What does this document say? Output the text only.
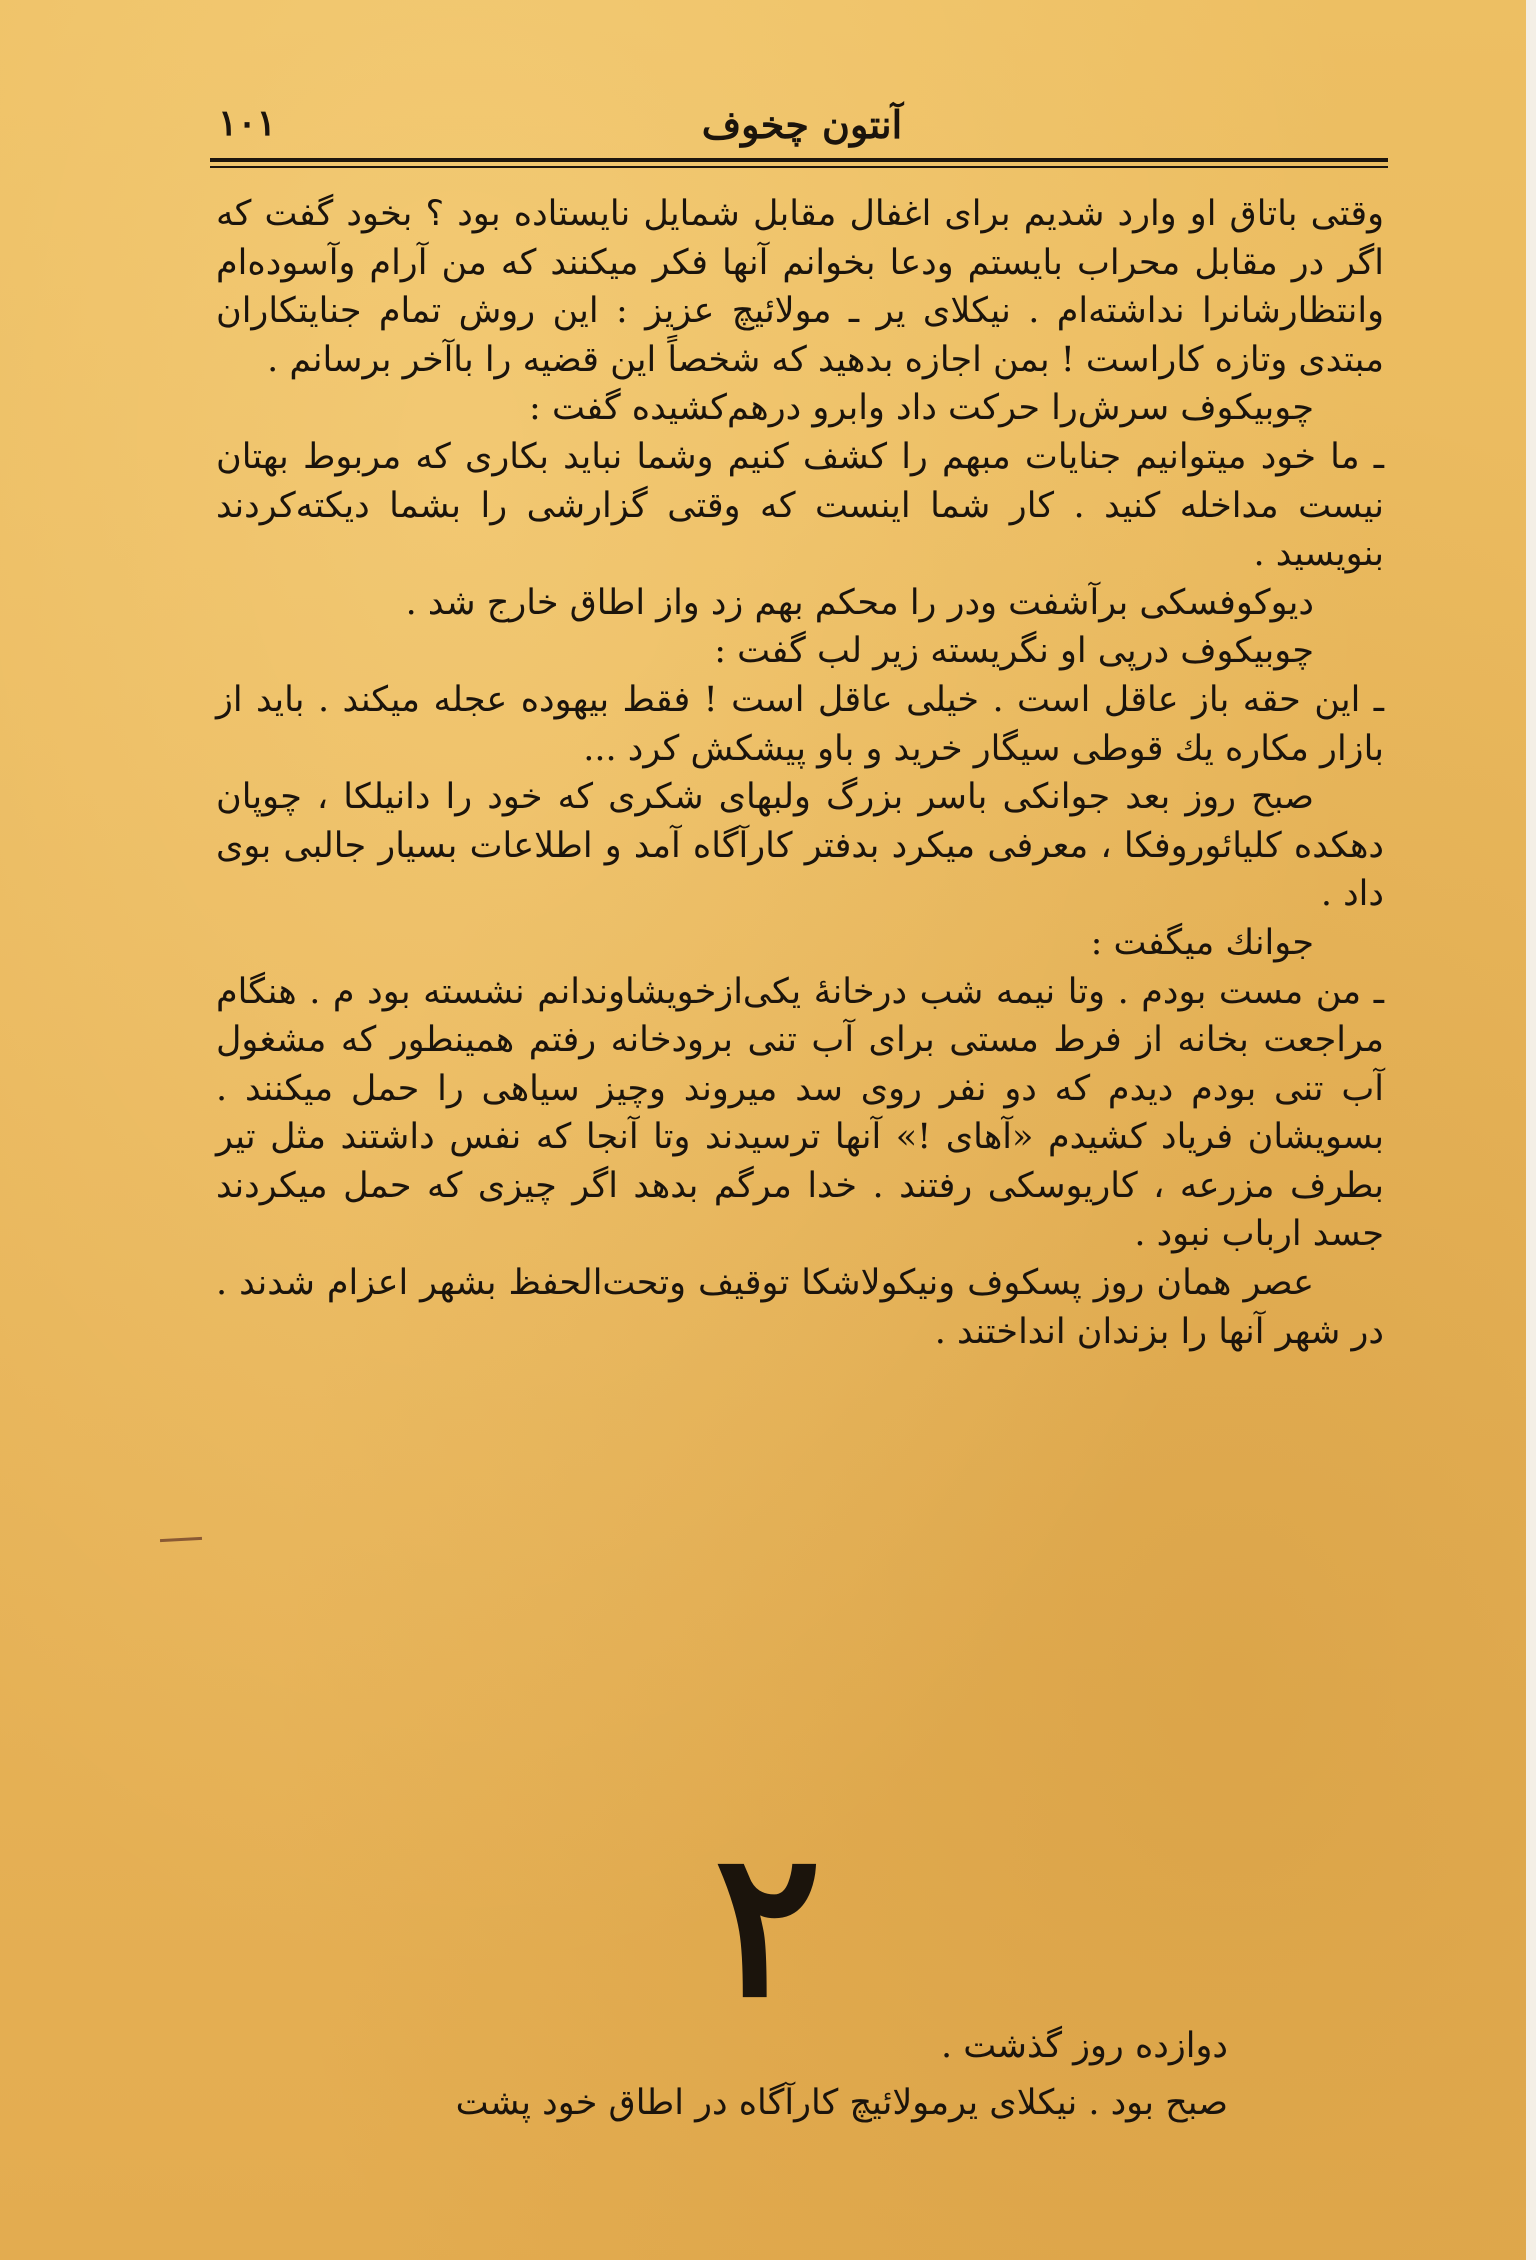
۱۰۱	آنتون چخوف

وقتی باتاق او وارد شدیم برای اغفال مقابل شمایل نایستاده بود ؟ بخود گفت که اگر در مقابل محراب بایستم ودعا بخوانم آنها فکر میکنند که من آرام وآسوده‌ام وانتظارشانرا نداشته‌ام . نیکلای یر ـ مولائیچ عزیز : این روش تمام جنایتکاران مبتدی وتازه کاراست ! بمن اجازه بدهید که شخصاً این قضیه را باآخر برسانم .

چوبیکوف سرش‌را حرکت داد وابرو درهم‌کشیده گفت :

ـ ما خود میتوانیم جنایات مبهم را کشف کنیم وشما نباید بکاری که مربوط بهتان نیست مداخله کنید . کار شما اینست که وقتی گزارشی را بشما دیکته‌کردند بنویسید .

دیوکوفسکی برآشفت ودر را محکم بهم زد واز اطاق خارج شد .

چوبیکوف درپی او نگریسته زیر لب گفت :

ـ این حقه باز عاقل است . خیلی عاقل است ! فقط بیهوده عجله میکند . باید از بازار مکاره یك قوطی سیگار خرید و باو پیشکش کرد ...

صبح روز بعد جوانکی باسر بزرگ ولبهای شکری که خود را دانیلکا ، چوپان دهکده کلیائوروفکا ، معرفی میکرد بدفتر کارآگاه آمد و اطلاعات بسیار جالبی بوی داد .

جوانك میگفت :

ـ من مست بودم . وتا نیمه شب درخانهٔ یکی‌ازخویشاوندانم نشسته بود م . هنگام مراجعت بخانه از فرط مستی برای آب تنی برودخانه رفتم همینطور که مشغول آب تنی بودم دیدم که دو نفر روی سد میروند وچیز سیاهی را حمل میکنند . بسویشان فریاد کشیدم «آهای !» آنها ترسیدند وتا آنجا که نفس داشتند مثل تیر بطرف مزرعه ، کاریوسکی رفتند . خدا مرگم بدهد اگر چیزی که حمل میکردند جسد ارباب نبود .

عصر همان روز پسکوف ونیکولاشکا توقیف وتحت‌الحفظ بشهر اعزام شدند . در شهر آنها را بزندان انداختند .

۲

دوازده روز گذشت .

صبح بود . نیکلای یرمولائیچ کارآگاه در اطاق خود پشت
